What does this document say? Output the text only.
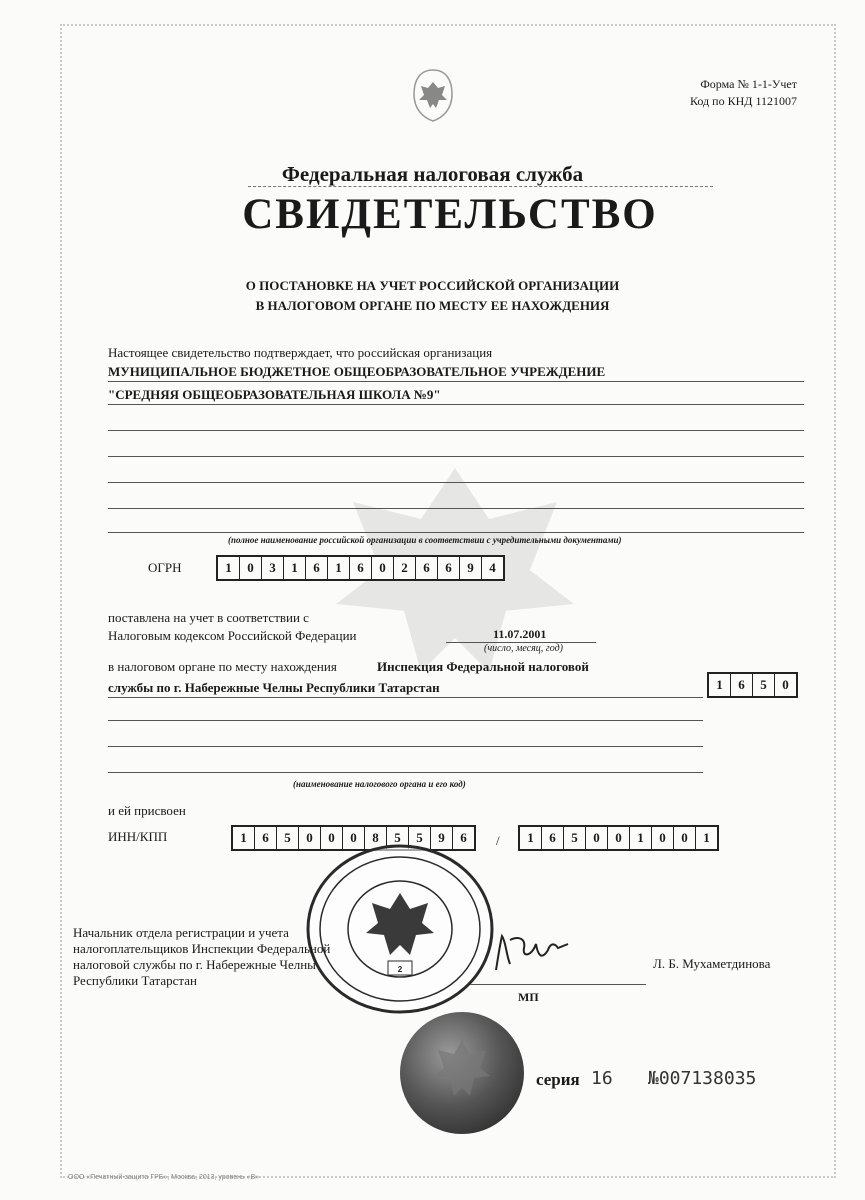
Форма № 1-1-Учет
Код по КНД 1121007
Федеральная налоговая служба
СВИДЕТЕЛЬСТВО
О ПОСТАНОВКЕ НА УЧЕТ РОССИЙСКОЙ ОРГАНИЗАЦИИ
В НАЛОГОВОМ ОРГАНЕ ПО МЕСТУ ЕЕ НАХОЖДЕНИЯ
Настоящее свидетельство подтверждает, что российская организация
МУНИЦИПАЛЬНОЕ БЮДЖЕТНОЕ ОБЩЕОБРАЗОВАТЕЛЬНОЕ УЧРЕЖДЕНИЕ
"СРЕДНЯЯ ОБЩЕОБРАЗОВАТЕЛЬНАЯ ШКОЛА №9"
(полное наименование российской организации в соответствии с учредительными документами)
ОГРН	1	0	3	1	6	1	6	0	2	6	6	9	4
поставлена на учет в соответствии с
Налоговым кодексом Российской Федерации	11.07.2001
(число, месяц, год)
в налоговом органе по месту нахождения	Инспекция Федеральной налоговой
службы по г. Набережные Челны Республики Татарстан	1	6	5	0
(наименование налогового органа и его код)
и ей присвоен
ИНН/КПП	1	6	5	0	0	0	8	5	5	9	6	/	1	6	5	0	0	1	0	0	1
2
Начальник отдела регистрации и учета
налогоплательщиков Инспекции Федеральной
налоговой службы по г. Набережные Челны
Республики Татарстан
Л. Б. Мухаметдинова
МП
серия 16 №007138035
ООО «Печатный-защита ГРБ», Москва, 2013, уровень «В»
